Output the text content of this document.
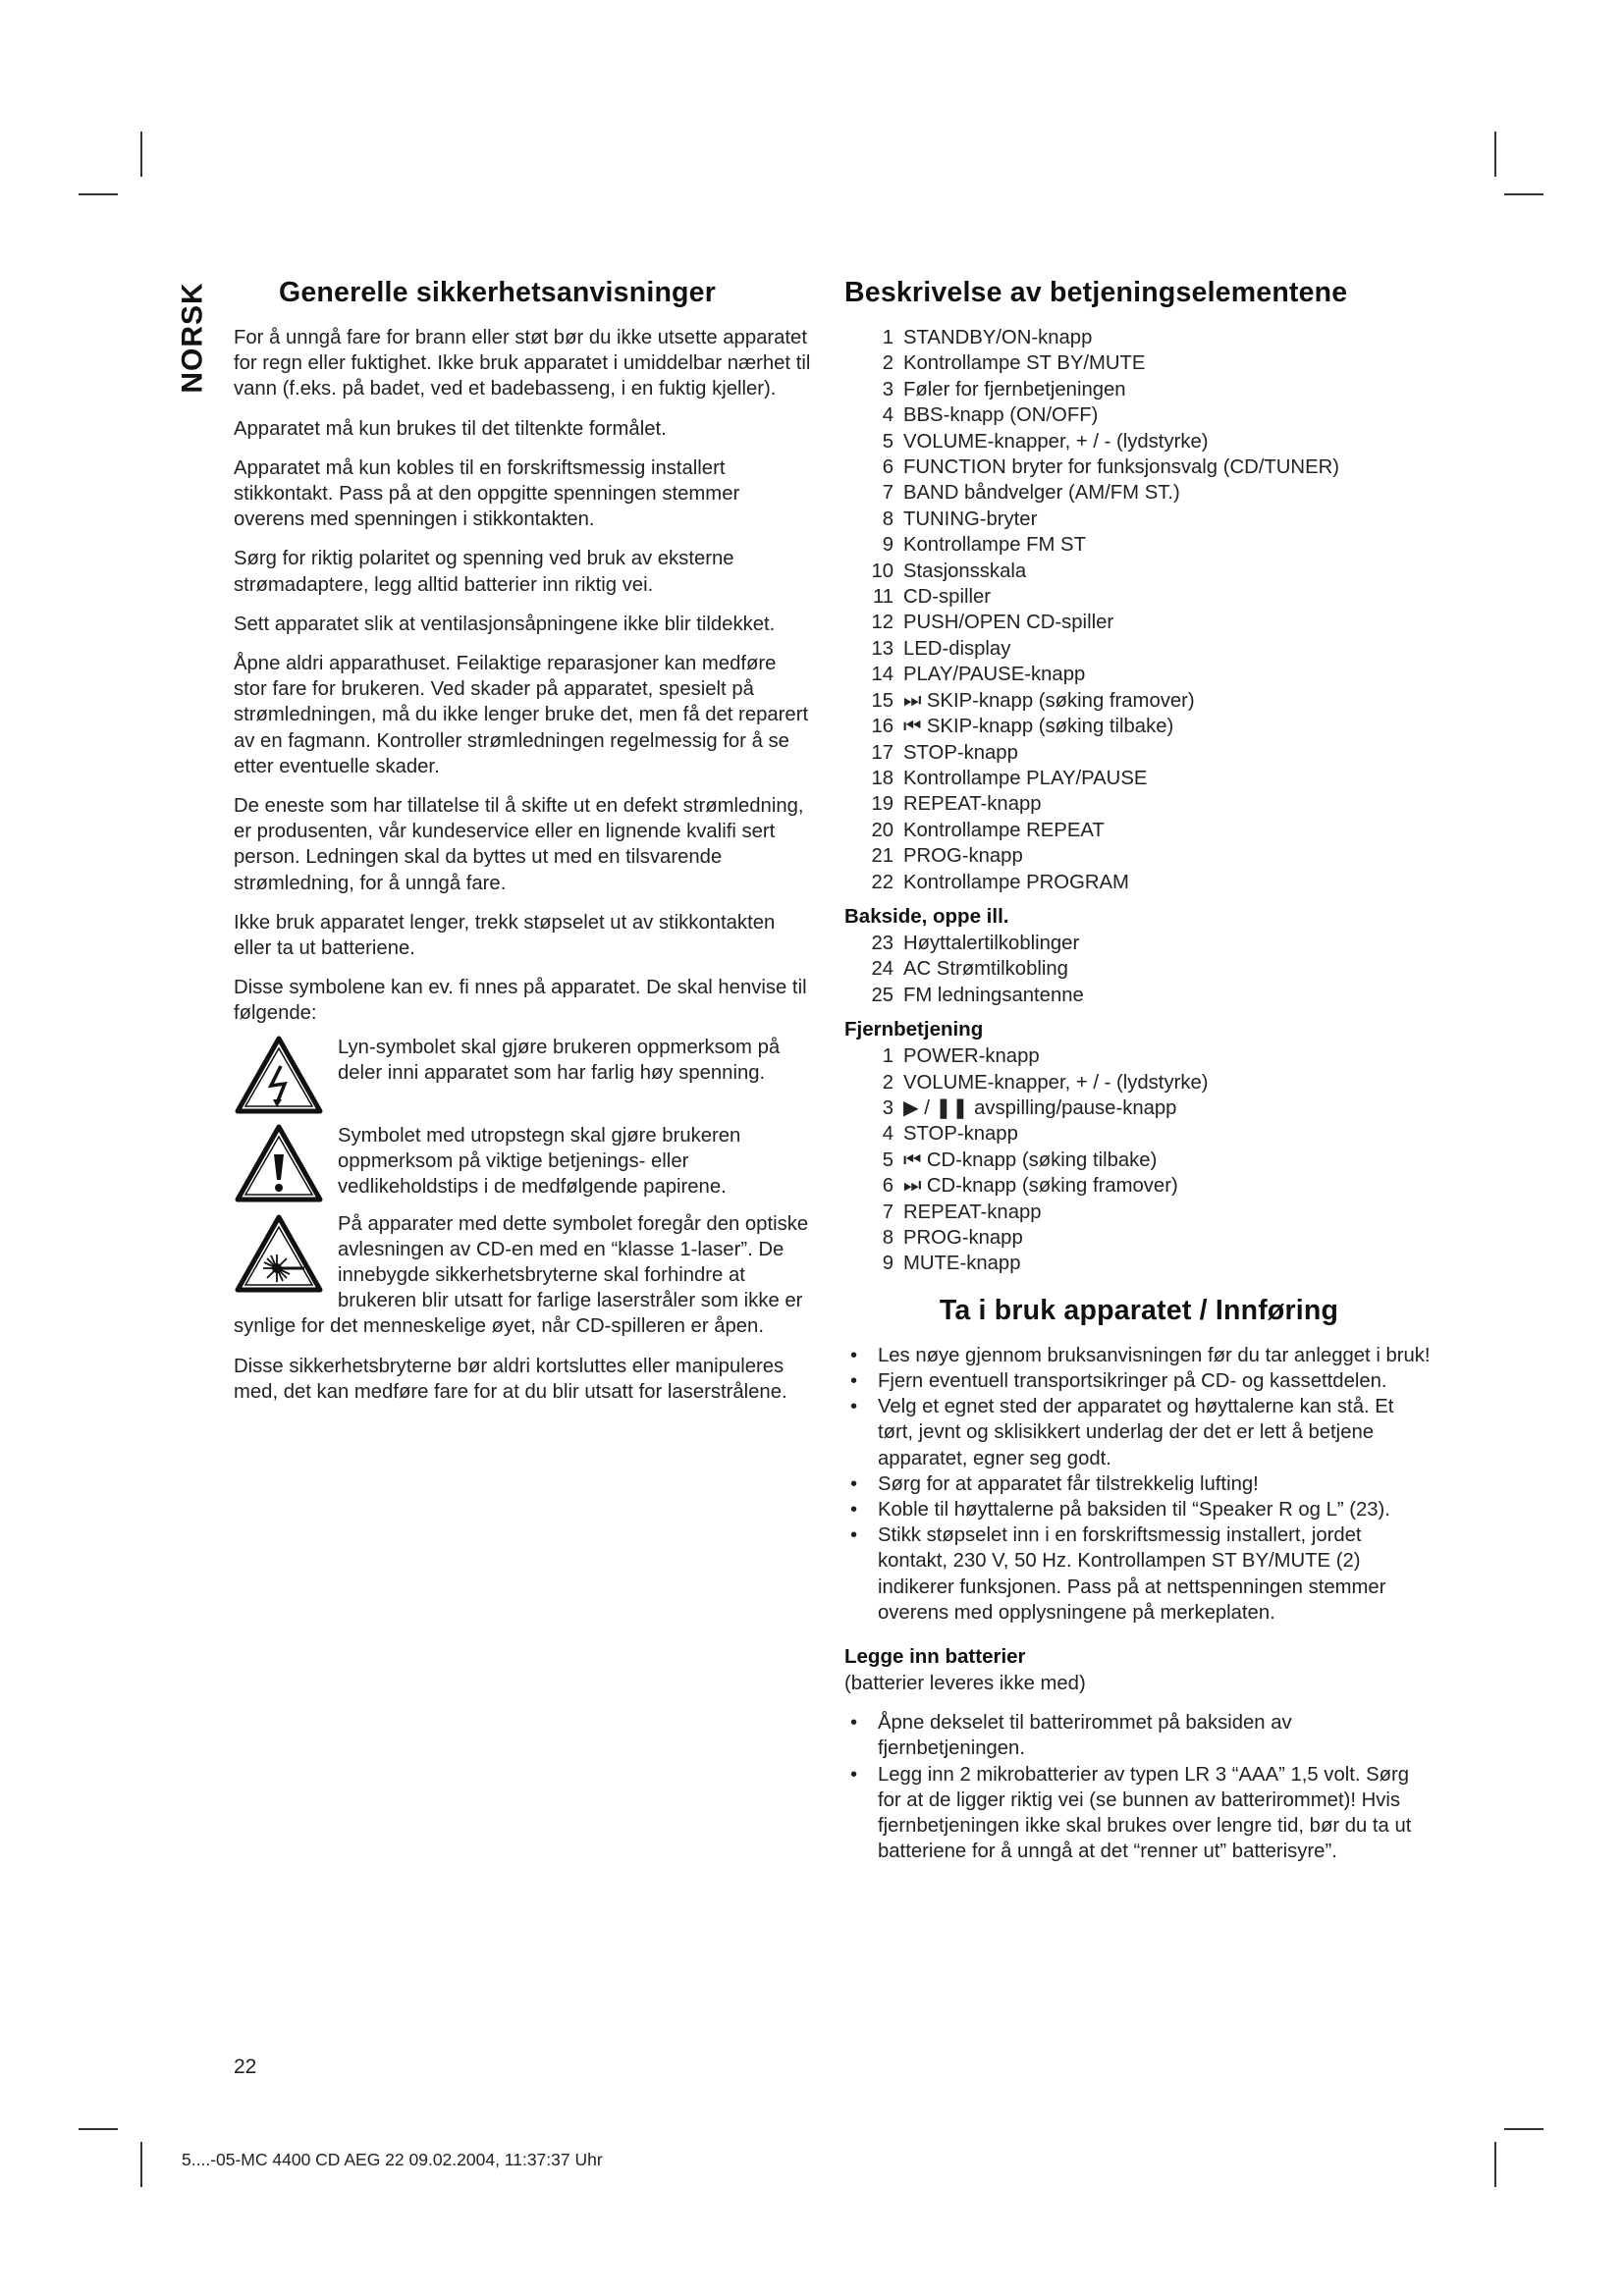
NORSK	Generelle sikkerhetsanvisninger

For å unngå fare for brann eller støt bør du ikke utsette apparatet for regn eller fuktighet. Ikke bruk apparatet i umiddelbar nærhet til vann (f.eks. på badet, ved et badebasseng, i en fuktig kjeller).

Apparatet må kun brukes til det tiltenkte formålet.

Apparatet må kun kobles til en forskriftsmessig installert stikkontakt. Pass på at den oppgitte spenningen stemmer overens med spenningen i stikkontakten.

Sørg for riktig polaritet og spenning ved bruk av eksterne strømadaptere, legg alltid batterier inn riktig vei.

Sett apparatet slik at ventilasjonsåpningene ikke blir tildekket.

Åpne aldri apparathuset. Feilaktige reparasjoner kan medføre stor fare for brukeren. Ved skader på apparatet, spesielt på strømledningen, må du ikke lenger bruke det, men få det reparert av en fagmann. Kontroller strømledningen regelmessig for å se etter eventuelle skader.

De eneste som har tillatelse til å skifte ut en defekt strømledning, er produsenten, vår kundeservice eller en lignende kvalifi sert person. Ledningen skal da byttes ut med en tilsvarende strømledning, for å unngå fare.

Ikke bruk apparatet lenger, trekk støpselet ut av stikkontakten eller ta ut batteriene.

Disse symbolene kan ev. fi nnes på apparatet. De skal henvise til følgende:

Lyn-symbolet skal gjøre brukeren oppmerksom på deler inni apparatet som har farlig høy spenning.

Symbolet med utropstegn skal gjøre brukeren oppmerksom på viktige betjenings- eller vedlikeholdstips i de medfølgende papirene.

På apparater med dette symbolet foregår den optiske avlesningen av CD-en med en “klasse 1-laser”. De innebygde sikkerhetsbryterne skal forhindre at brukeren blir utsatt for farlige laserstråler som ikke er synlige for det menneskelige øyet, når CD-spilleren er åpen.

Disse sikkerhetsbryterne bør aldri kortsluttes eller manipuleres med, det kan medføre fare for at du blir utsatt for laserstrålene.

Beskrivelse av betjeningselementene
1 STANDBY/ON-knapp
2 Kontrollampe ST BY/MUTE
3 Føler for fjernbetjeningen
4 BBS-knapp (ON/OFF)
5 VOLUME-knapper, + / - (lydstyrke)
6 FUNCTION bryter for funksjonsvalg (CD/TUNER)
7 BAND båndvelger (AM/FM ST.)
8 TUNING-bryter
9 Kontrollampe FM ST
10 Stasjonsskala
11 CD-spiller
12 PUSH/OPEN CD-spiller
13 LED-display
14 PLAY/PAUSE-knapp
15 ⏭ SKIP-knapp (søking framover)
16 ⏮ SKIP-knapp (søking tilbake)
17 STOP-knapp
18 Kontrollampe PLAY/PAUSE
19 REPEAT-knapp
20 Kontrollampe REPEAT
21 PROG-knapp
22 Kontrollampe PROGRAM
Bakside, oppe ill.
23 Høyttalertilkoblinger
24 AC Strømtilkobling
25 FM ledningsantenne
Fjernbetjening
1 POWER-knapp
2 VOLUME-knapper, + / - (lydstyrke)
3 ▶ / ❚❚ avspilling/pause-knapp
4 STOP-knapp
5 ⏮ CD-knapp (søking tilbake)
6 ⏭ CD-knapp (søking framover)
7 REPEAT-knapp
8 PROG-knapp
9 MUTE-knapp
Ta i bruk apparatet / Innføring
• Les nøye gjennom bruksanvisningen før du tar anlegget i bruk!
• Fjern eventuell transportsikringer på CD- og kassettdelen.
• Velg et egnet sted der apparatet og høyttalerne kan stå. Et tørt, jevnt og sklisikkert underlag der det er lett å betjene apparatet, egner seg godt.
• Sørg for at apparatet får tilstrekkelig lufting!
• Koble til høyttalerne på baksiden til “Speaker R og L” (23).
• Stikk støpselet inn i en forskriftsmessig installert, jordet kontakt, 230 V, 50 Hz. Kontrollampen ST BY/MUTE (2) indikerer funksjonen. Pass på at nettspenningen stemmer overens med opplysningene på merkeplaten.
Legge inn batterier

(batterier leveres ikke med)

• Åpne dekselet til batterirommet på baksiden av fjernbetjeningen.
• Legg inn 2 mikrobatterier av typen LR 3 “AAA” 1,5 volt. Sørg for at de ligger riktig vei (se bunnen av batterirommet)! Hvis fjernbetjeningen ikke skal brukes over lengre tid, bør du ta ut batteriene for å unngå at det “renner ut” batterisyre”.
22
5....-05-MC 4400 CD AEG 22 09.02.2004, 11:37:37 Uhr
